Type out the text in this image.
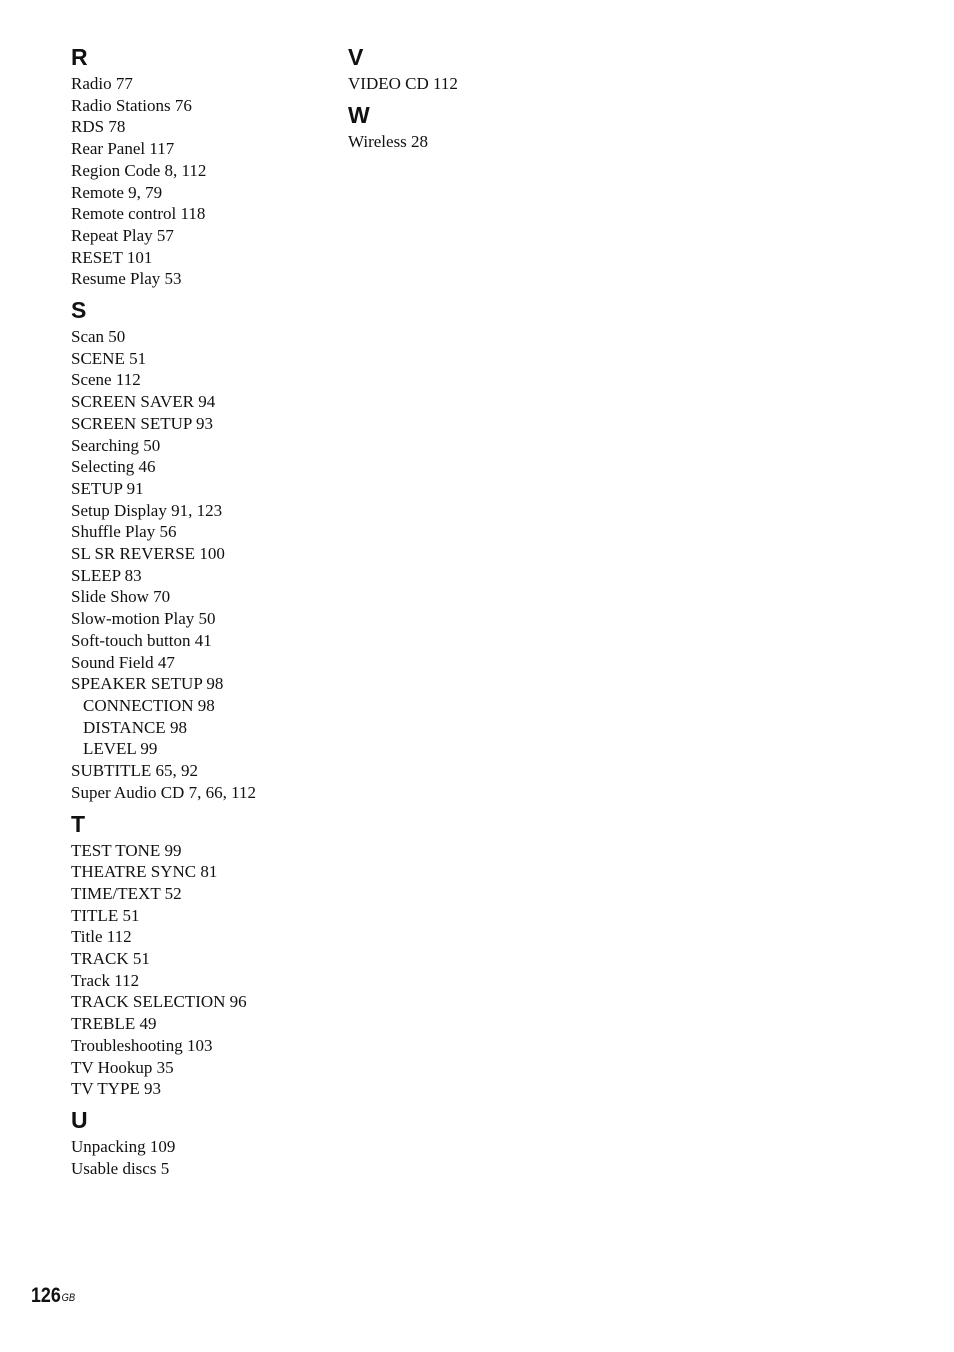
R
Radio 77
Radio Stations 76
RDS 78
Rear Panel 117
Region Code 8, 112
Remote 9, 79
Remote control 118
Repeat Play 57
RESET 101
Resume Play 53
S
Scan 50
SCENE 51
Scene 112
SCREEN SAVER 94
SCREEN SETUP 93
Searching 50
Selecting 46
SETUP 91
Setup Display 91, 123
Shuffle Play 56
SL SR REVERSE 100
SLEEP 83
Slide Show 70
Slow-motion Play 50
Soft-touch button 41
Sound Field 47
SPEAKER SETUP 98
CONNECTION 98
DISTANCE 98
LEVEL 99
SUBTITLE 65, 92
Super Audio CD 7, 66, 112
T
TEST TONE 99
THEATRE SYNC 81
TIME/TEXT 52
TITLE 51
Title 112
TRACK 51
Track 112
TRACK SELECTION 96
TREBLE 49
Troubleshooting 103
TV Hookup 35
TV TYPE 93
U
Unpacking 109
Usable discs 5
V
VIDEO CD 112
W
Wireless 28
$126^{GB}$
